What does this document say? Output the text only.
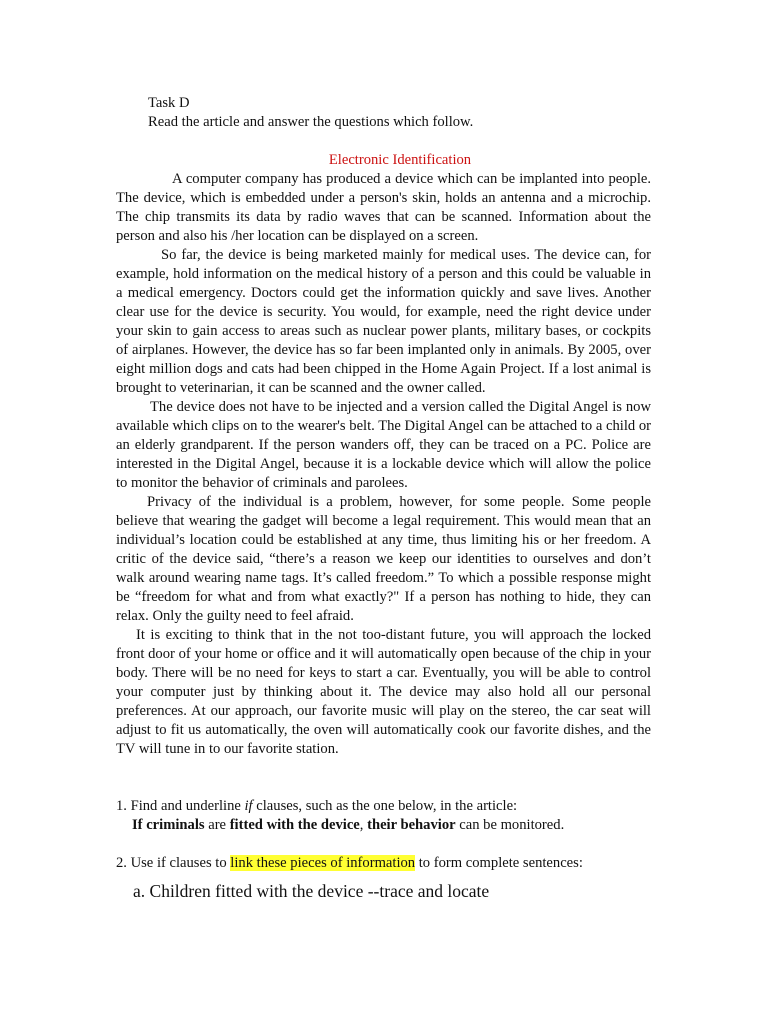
Task D
Read the article and answer the questions which follow.
Electronic Identification

A computer company has produced a device which can be implanted into people. The device, which is embedded under a person's skin, holds an antenna and a microchip. The chip transmits its data by radio waves that can be scanned. Information about the person and also his /her location can be displayed on a screen.

So far, the device is being marketed mainly for medical uses. The device can, for example, hold information on the medical history of a person and this could be valuable in a medical emergency. Doctors could get the information quickly and save lives. Another clear use for the device is security. You would, for example, need the right device under your skin to gain access to areas such as nuclear power plants, military bases, or cockpits of airplanes. However, the device has so far been implanted only in animals. By 2005, over eight million dogs and cats had been chipped in the Home Again Project. If a lost animal is brought to veterinarian, it can be scanned and the owner called.

The device does not have to be injected and a version called the Digital Angel is now available which clips on to the wearer's belt. The Digital Angel can be attached to a child or an elderly grandparent. If the person wanders off, they can be traced on a PC. Police are interested in the Digital Angel, because it is a lockable device which will allow the police to monitor the behavior of criminals and parolees.

Privacy of the individual is a problem, however, for some people. Some people believe that wearing the gadget will become a legal requirement. This would mean that an individual’s location could be established at any time, thus limiting his or her freedom. A critic of the device said, “there’s a reason we keep our identities to ourselves and don’t walk around wearing name tags. It’s called freedom.” To which a possible response might be “freedom for what and from what exactly?" If a person has nothing to hide, they can relax. Only the guilty need to feel afraid.

It is exciting to think that in the not too-distant future, you will approach the locked front door of your home or office and it will automatically open because of the chip in your body. There will be no need for keys to start a car. Eventually, you will be able to control your computer just by thinking about it. The device may also hold all our personal preferences. At our approach, our favorite music will play on the stereo, the car seat will adjust to fit us automatically, the oven will automatically cook our favorite dishes, and the TV will tune in to our favorite station.

1. Find and underline if clauses, such as the one below, in the article:
If criminals are fitted with the device, their behavior can be monitored.
2. Use if clauses to link these pieces of information to form complete sentences:
a. Children fitted with the device --trace and locate
